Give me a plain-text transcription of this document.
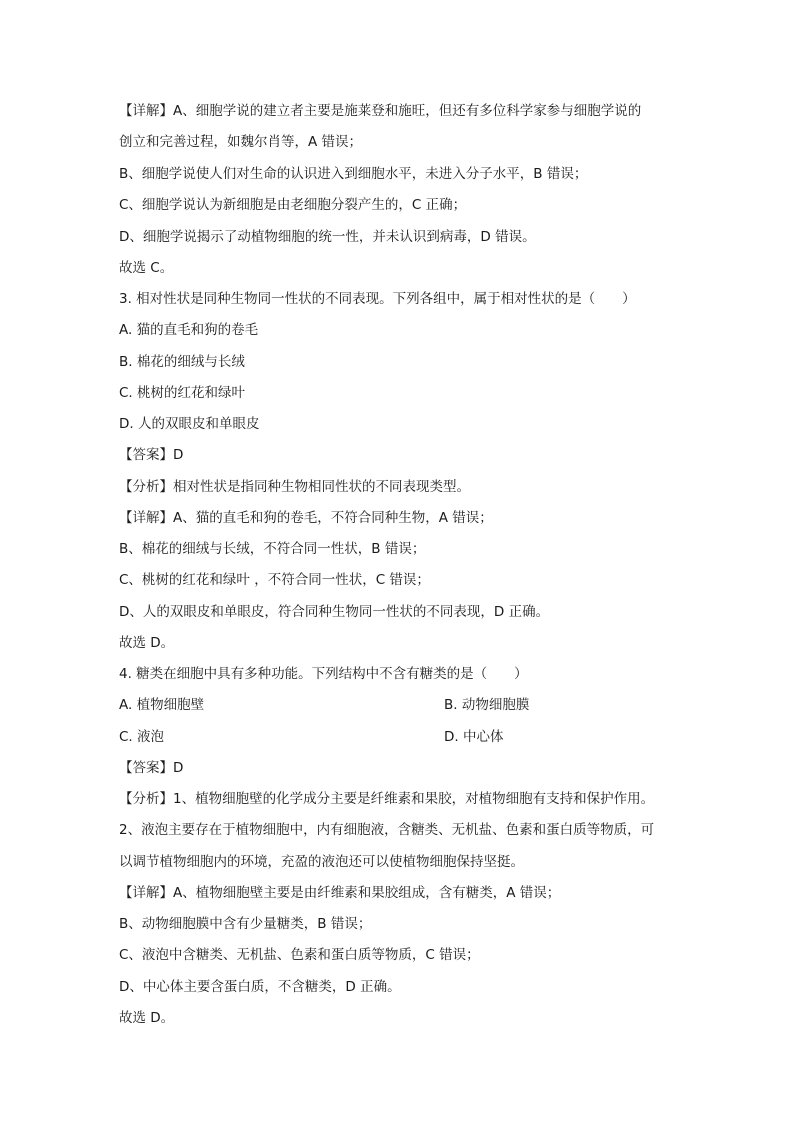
【详解】A、细胞学说的建立者主要是施莱登和施旺，但还有多位科学家参与细胞学说的
创立和完善过程，如魏尔肖等，A 错误；
B、细胞学说使人们对生命的认识进入到细胞水平，未进入分子水平，B 错误；
C、细胞学说认为新细胞是由老细胞分裂产生的，C 正确；
D、细胞学说揭示了动植物细胞的统一性，并未认识到病毒，D 错误。
故选 C。
3. 相对性状是同种生物同一性状的不同表现。下列各组中，属于相对性状的是（　　）
A. 猫的直毛和狗的卷毛
B. 棉花的细绒与长绒
C. 桃树的红花和绿叶
D. 人的双眼皮和单眼皮
【答案】D
【分析】相对性状是指同种生物相同性状的不同表现类型。
【详解】A、猫的直毛和狗的卷毛，不符合同种生物，A 错误；
B、棉花的细绒与长绒，不符合同一性状，B 错误；
C、桃树的红花和绿叶 ，不符合同一性状，C 错误；
D、人的双眼皮和单眼皮，符合同种生物同一性状的不同表现，D 正确。
故选 D。
4. 糖类在细胞中具有多种功能。下列结构中不含有糖类的是（　　）
A. 植物细胞壁	B. 动物细胞膜
C. 液泡	D. 中心体
【答案】D
【分析】1、植物细胞壁的化学成分主要是纤维素和果胶，对植物细胞有支持和保护作用。
2、液泡主要存在于植物细胞中，内有细胞液，含糖类、无机盐、色素和蛋白质等物质，可
以调节植物细胞内的环境，充盈的液泡还可以使植物细胞保持坚挺。
【详解】A、植物细胞壁主要是由纤维素和果胶组成，含有糖类，A 错误；
B、动物细胞膜中含有少量糖类，B 错误；
C、液泡中含糖类、无机盐、色素和蛋白质等物质，C 错误；
D、中心体主要含蛋白质，不含糖类，D 正确。
故选 D。
